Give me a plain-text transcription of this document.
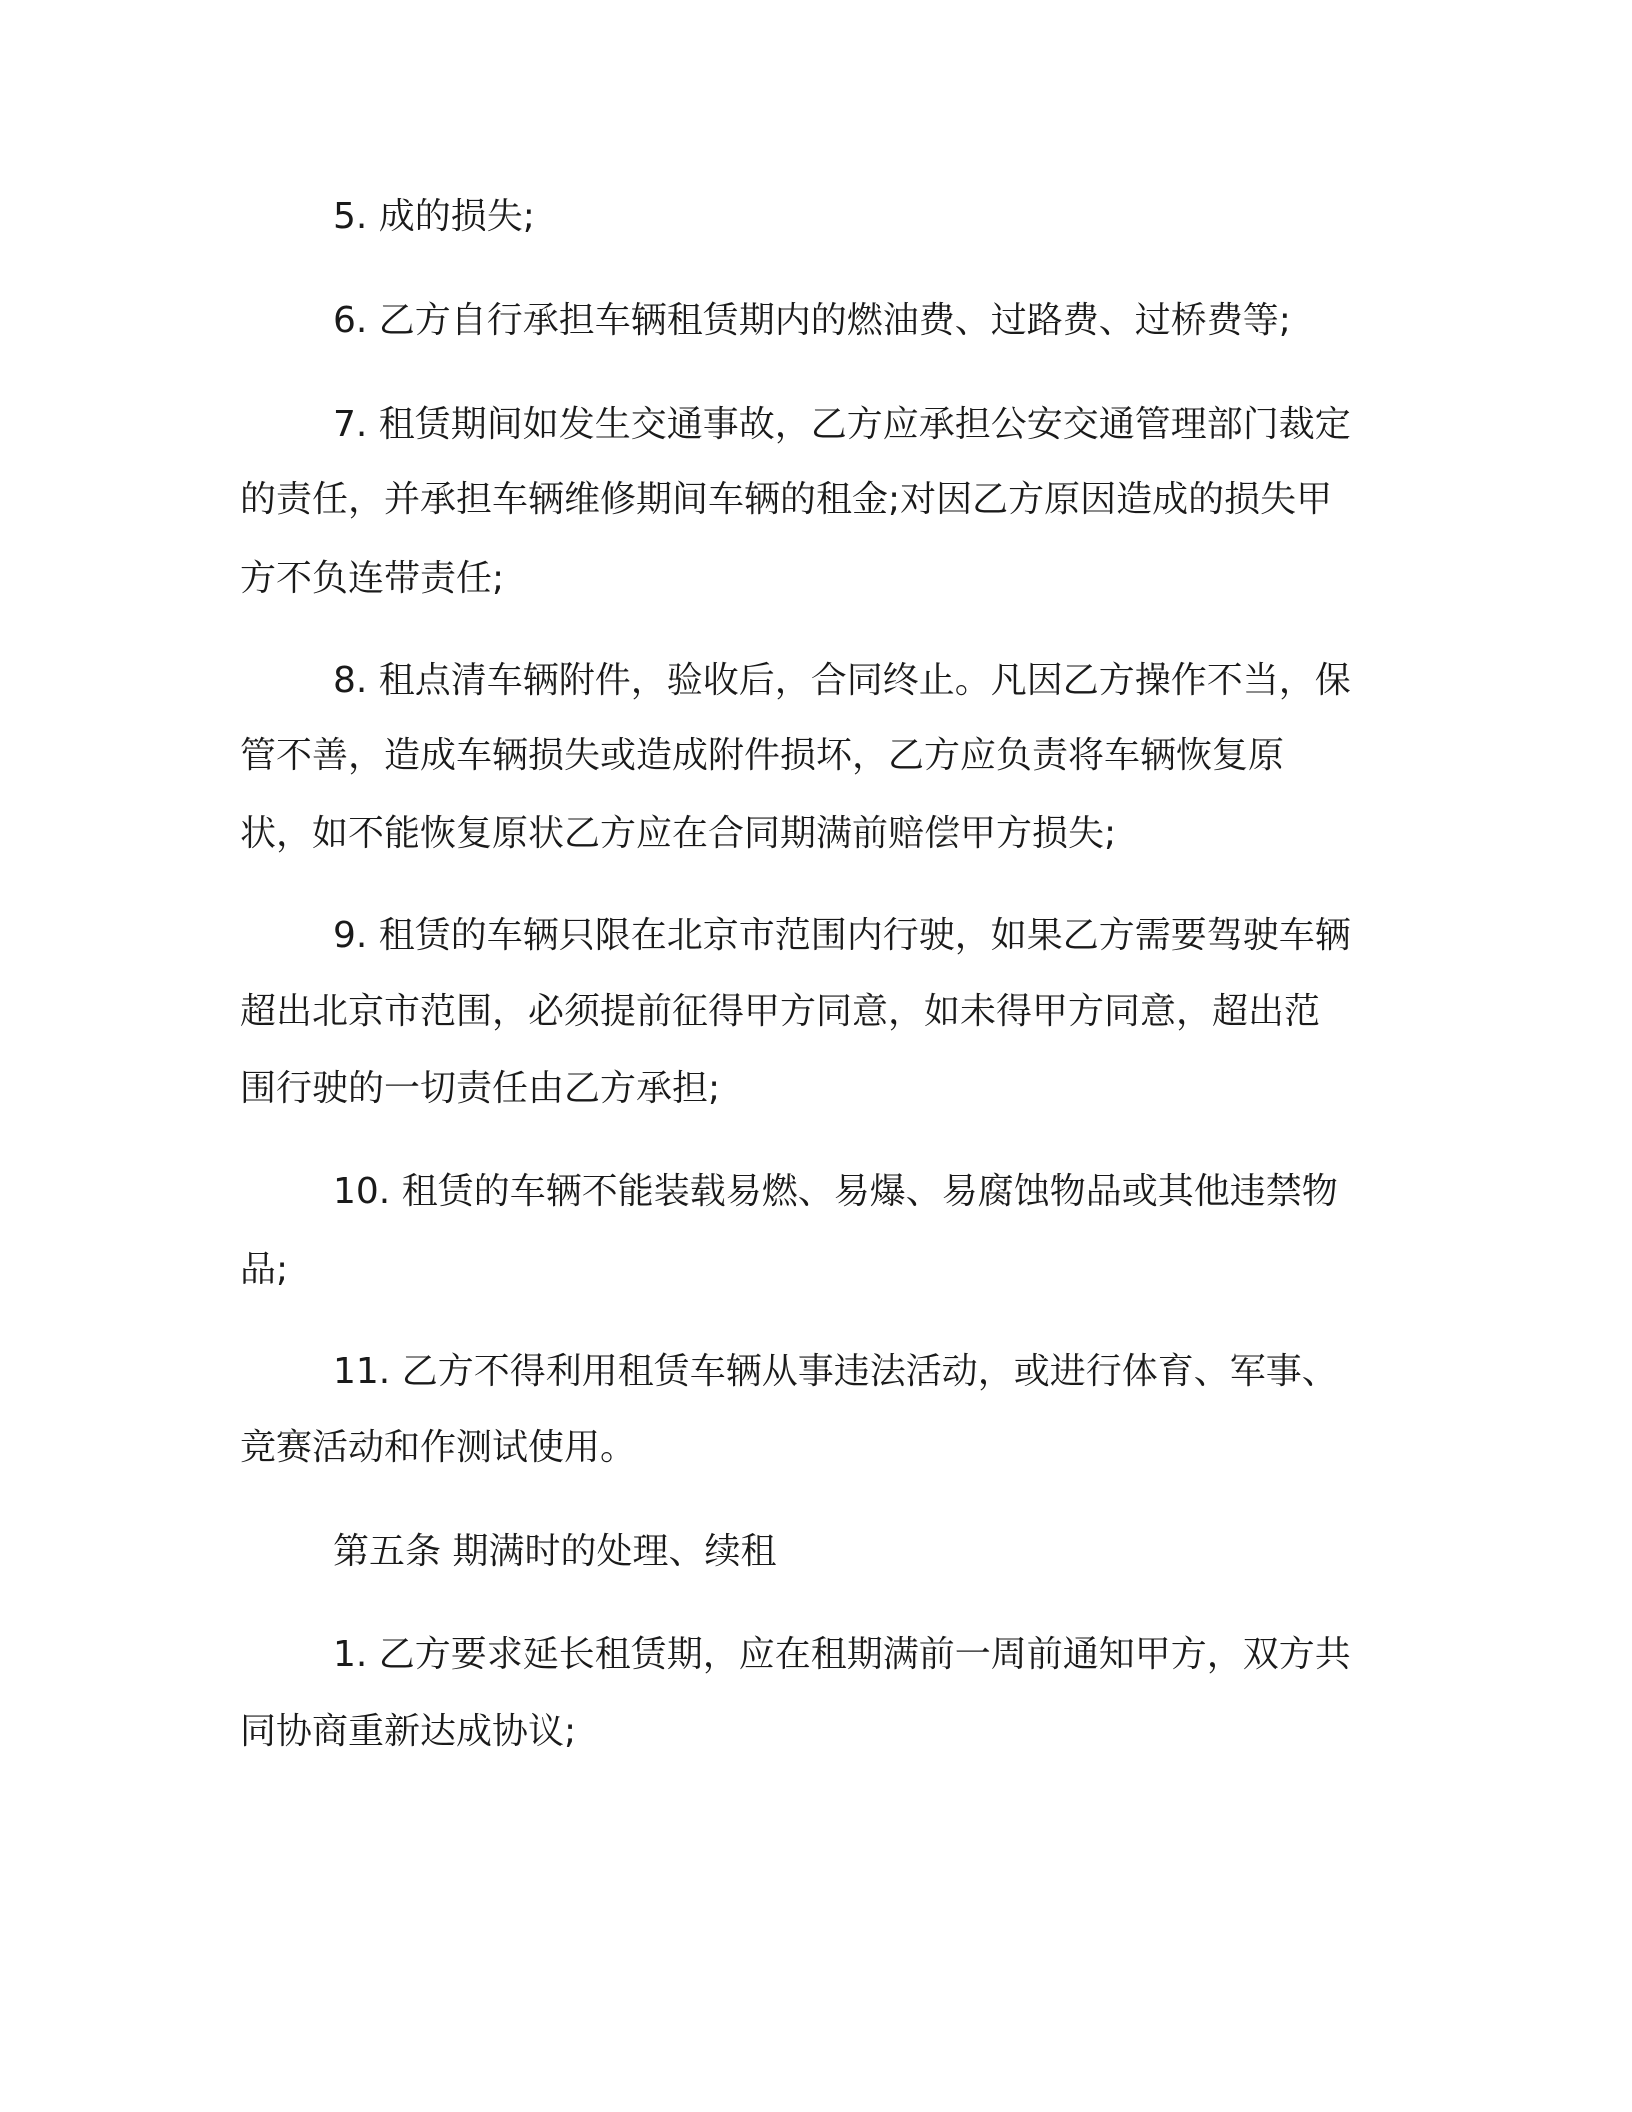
5. 成的损失;

6. 乙方自行承担车辆租赁期内的燃油费、过路费、过桥费等;

7. 租赁期间如发生交通事故，乙方应承担公安交通管理部门裁定

的责任，并承担车辆维修期间车辆的租金;对因乙方原因造成的损失甲

方不负连带责任;

8. 租点清车辆附件，验收后，合同终止。凡因乙方操作不当，保

管不善，造成车辆损失或造成附件损坏，乙方应负责将车辆恢复原

状，如不能恢复原状乙方应在合同期满前赔偿甲方损失;

9. 租赁的车辆只限在北京市范围内行驶，如果乙方需要驾驶车辆

超出北京市范围，必须提前征得甲方同意，如未得甲方同意，超出范

围行驶的一切责任由乙方承担;

10. 租赁的车辆不能装载易燃、易爆、易腐蚀物品或其他违禁物

品;

11. 乙方不得利用租赁车辆从事违法活动，或进行体育、军事、

竞赛活动和作测试使用。

第五条 期满时的处理、续租

1. 乙方要求延长租赁期，应在租期满前一周前通知甲方，双方共

同协商重新达成协议;
